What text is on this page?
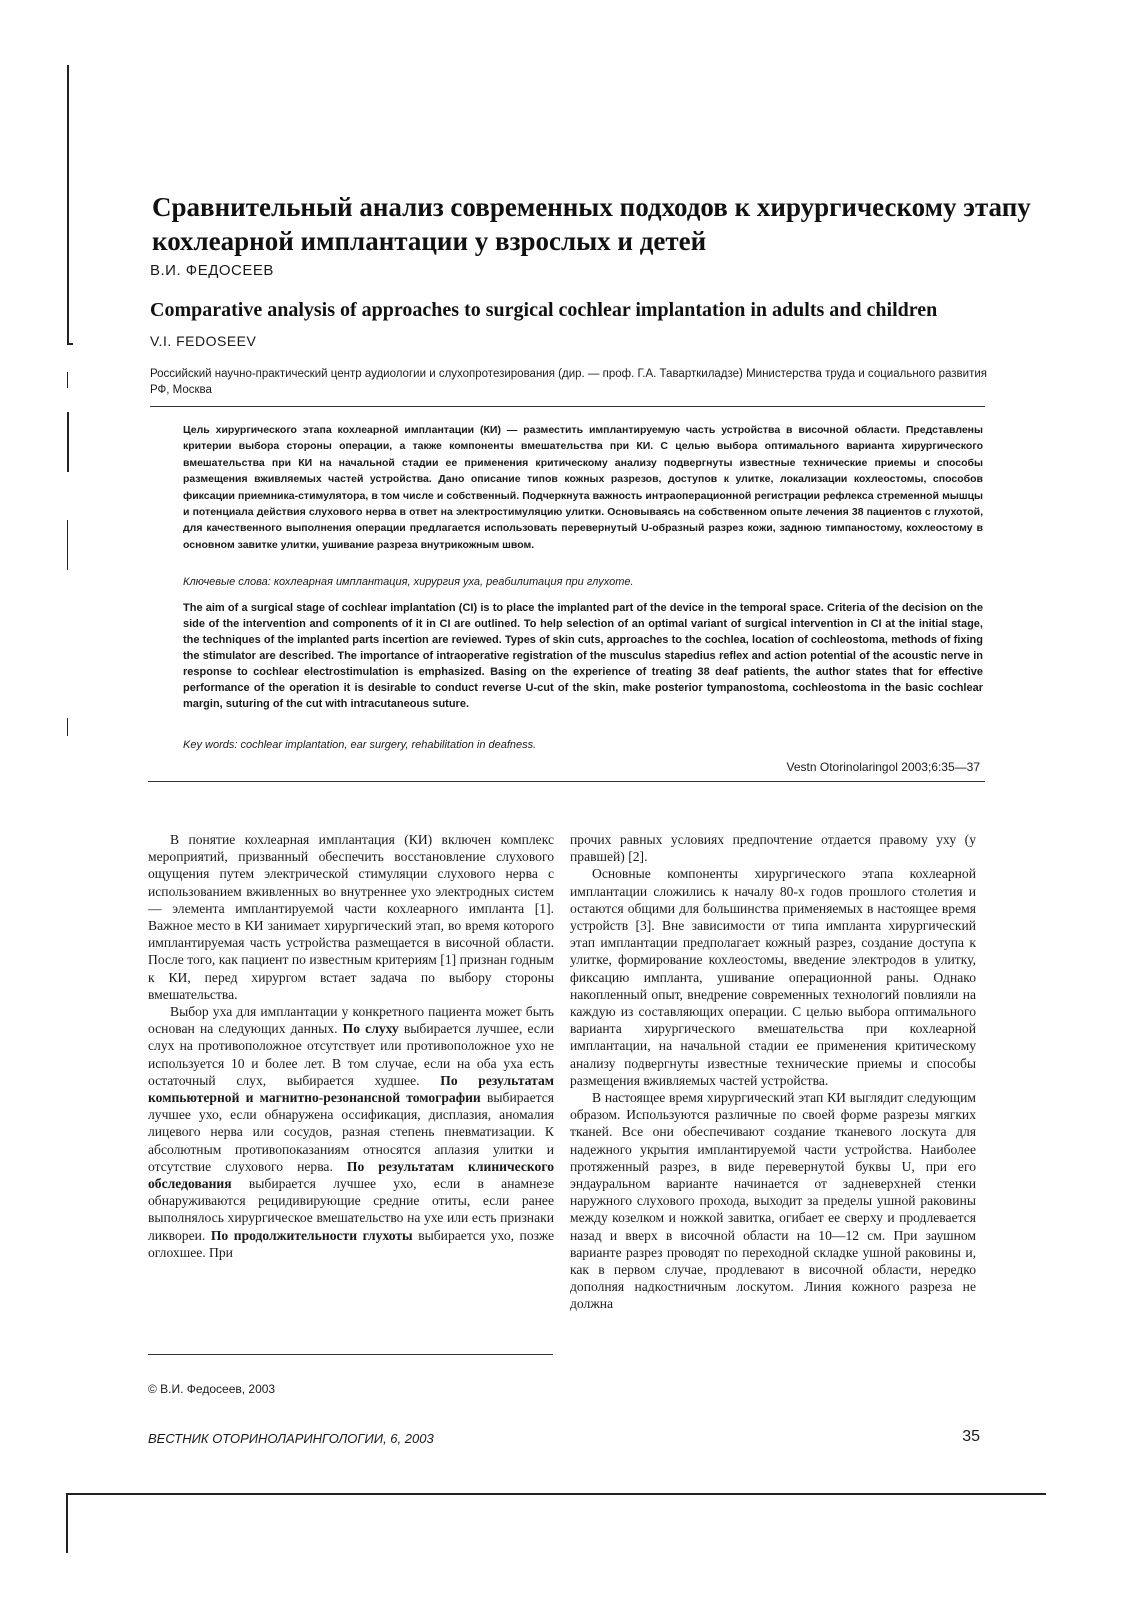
Сравнительный анализ современных подходов к хирургическому этапу кохлеарной имплантации у взрослых и детей
В.И. ФЕДОСЕЕВ
Comparative analysis of approaches to surgical cochlear implantation in adults and children
V.I. FEDOSEEV
Российский научно-практический центр аудиологии и слухопротезирования (дир. — проф. Г.А. Таварткиладзе) Министерства труда и социального развития РФ, Москва

Цель хирургического этапа кохлеарной имплантации (КИ) — разместить имплантируемую часть устройства в височной области. Представлены критерии выбора стороны операции, а также компоненты вмешательства при КИ. С целью выбора оптимального варианта хирургического вмешательства при КИ на начальной стадии ее применения критическому анализу подвергнуты известные технические приемы и способы размещения вживляемых частей устройства. Дано описание типов кожных разрезов, доступов к улитке, локализации кохлеостомы, способов фиксации приемника-стимулятора, в том числе и собственный. Подчеркнута важность интраоперационной регистрации рефлекса стременной мышцы и потенциала действия слухового нерва в ответ на электростимуляцию улитки. Основываясь на собственном опыте лечения 38 пациентов с глухотой, для качественного выполнения операции предлагается использовать перевернутый U-образный разрез кожи, заднюю тимпаностому, кохлеостому в основном завитке улитки, ушивание разреза внутрикожным швом.

Ключевые слова: кохлеарная имплантация, хирургия уха, реабилитация при глухоте.

The aim of a surgical stage of cochlear implantation (CI) is to place the implanted part of the device in the temporal space. Criteria of the decision on the side of the intervention and components of it in CI are outlined. To help selection of an optimal variant of surgical intervention in CI at the initial stage, the techniques of the implanted parts incertion are reviewed. Types of skin cuts, approaches to the cochlea, location of cochleostoma, methods of fixing the stimulator are described. The importance of intraoperative registration of the musculus stapedius reflex and action potential of the acoustic nerve in response to cochlear electrostimulation is emphasized. Basing on the experience of treating 38 deaf patients, the author states that for effective performance of the operation it is desirable to conduct reverse U-cut of the skin, make posterior tympanostoma, cochleostoma in the basic cochlear margin, suturing of the cut with intracutaneous suture.

Key words: cochlear implantation, ear surgery, rehabilitation in deafness.
Vestn Otorinolaringol 2003;6:35—37

В понятие кохлеарная имплантация (КИ) включен комплекс мероприятий, призванный обеспечить восстановление слухового ощущения путем электрической стимуляции слухового нерва с использованием вживленных во внутреннее ухо электродных систем — элемента имплантируемой части кохлеарного импланта [1]. Важное место в КИ занимает хирургический этап, во время которого имплантируемая часть устройства размещается в височной области. После того, как пациент по известным критериям [1] признан годным к КИ, перед хирургом встает задача по выбору стороны вмешательства.

Выбор уха для имплантации у конкретного пациента может быть основан на следующих данных. По слуху выбирается лучшее, если слух на противоположное отсутствует или противоположное ухо не используется 10 и более лет. В том случае, если на оба уха есть остаточный слух, выбирается худшее. По результатам компьютерной и магнитно-резонансной томографии выбирается лучшее ухо, если обнаружена оссификация, дисплазия, аномалия лицевого нерва или сосудов, разная степень пневматизации. К абсолютным противопоказаниям относятся аплазия улитки и отсутствие слухового нерва. По результатам клинического обследования выбирается лучшее ухо, если в анамнезе обнаруживаются рецидивирующие средние отиты, если ранее выполнялось хирургическое вмешательство на ухе или есть признаки ликвореи. По продолжительности глухоты выбирается ухо, позже оглохшее. При

прочих равных условиях предпочтение отдается правому уху (у правшей) [2].

Основные компоненты хирургического этапа кохлеарной имплантации сложились к началу 80-х годов прошлого столетия и остаются общими для большинства применяемых в настоящее время устройств [3]. Вне зависимости от типа импланта хирургический этап имплантации предполагает кожный разрез, создание доступа к улитке, формирование кохлеостомы, введение электродов в улитку, фиксацию импланта, ушивание операционной раны. Однако накопленный опыт, внедрение современных технологий повлияли на каждую из составляющих операции. С целью выбора оптимального варианта хирургического вмешательства при кохлеарной имплантации, на начальной стадии ее применения критическому анализу подвергнуты известные технические приемы и способы размещения вживляемых частей устройства.

В настоящее время хирургический этап КИ выглядит следующим образом. Используются различные по своей форме разрезы мягких тканей. Все они обеспечивают создание тканевого лоскута для надежного укрытия имплантируемой части устройства. Наиболее протяженный разрез, в виде перевернутой буквы U, при его эндауральном варианте начинается от задневерхней стенки наружного слухового прохода, выходит за пределы ушной раковины между козелком и ножкой завитка, огибает ее сверху и продлевается назад и вверх в височной области на 10—12 см. При заушном варианте разрез проводят по переходной складке ушной раковины и, как в первом случае, продлевают в височной области, нередко дополняя надкостничным лоскутом. Линия кожного разреза не должна

© В.И. Федосеев, 2003
ВЕСТНИК ОТОРИНОЛАРИНГОЛОГИИ, 6, 2003	35
